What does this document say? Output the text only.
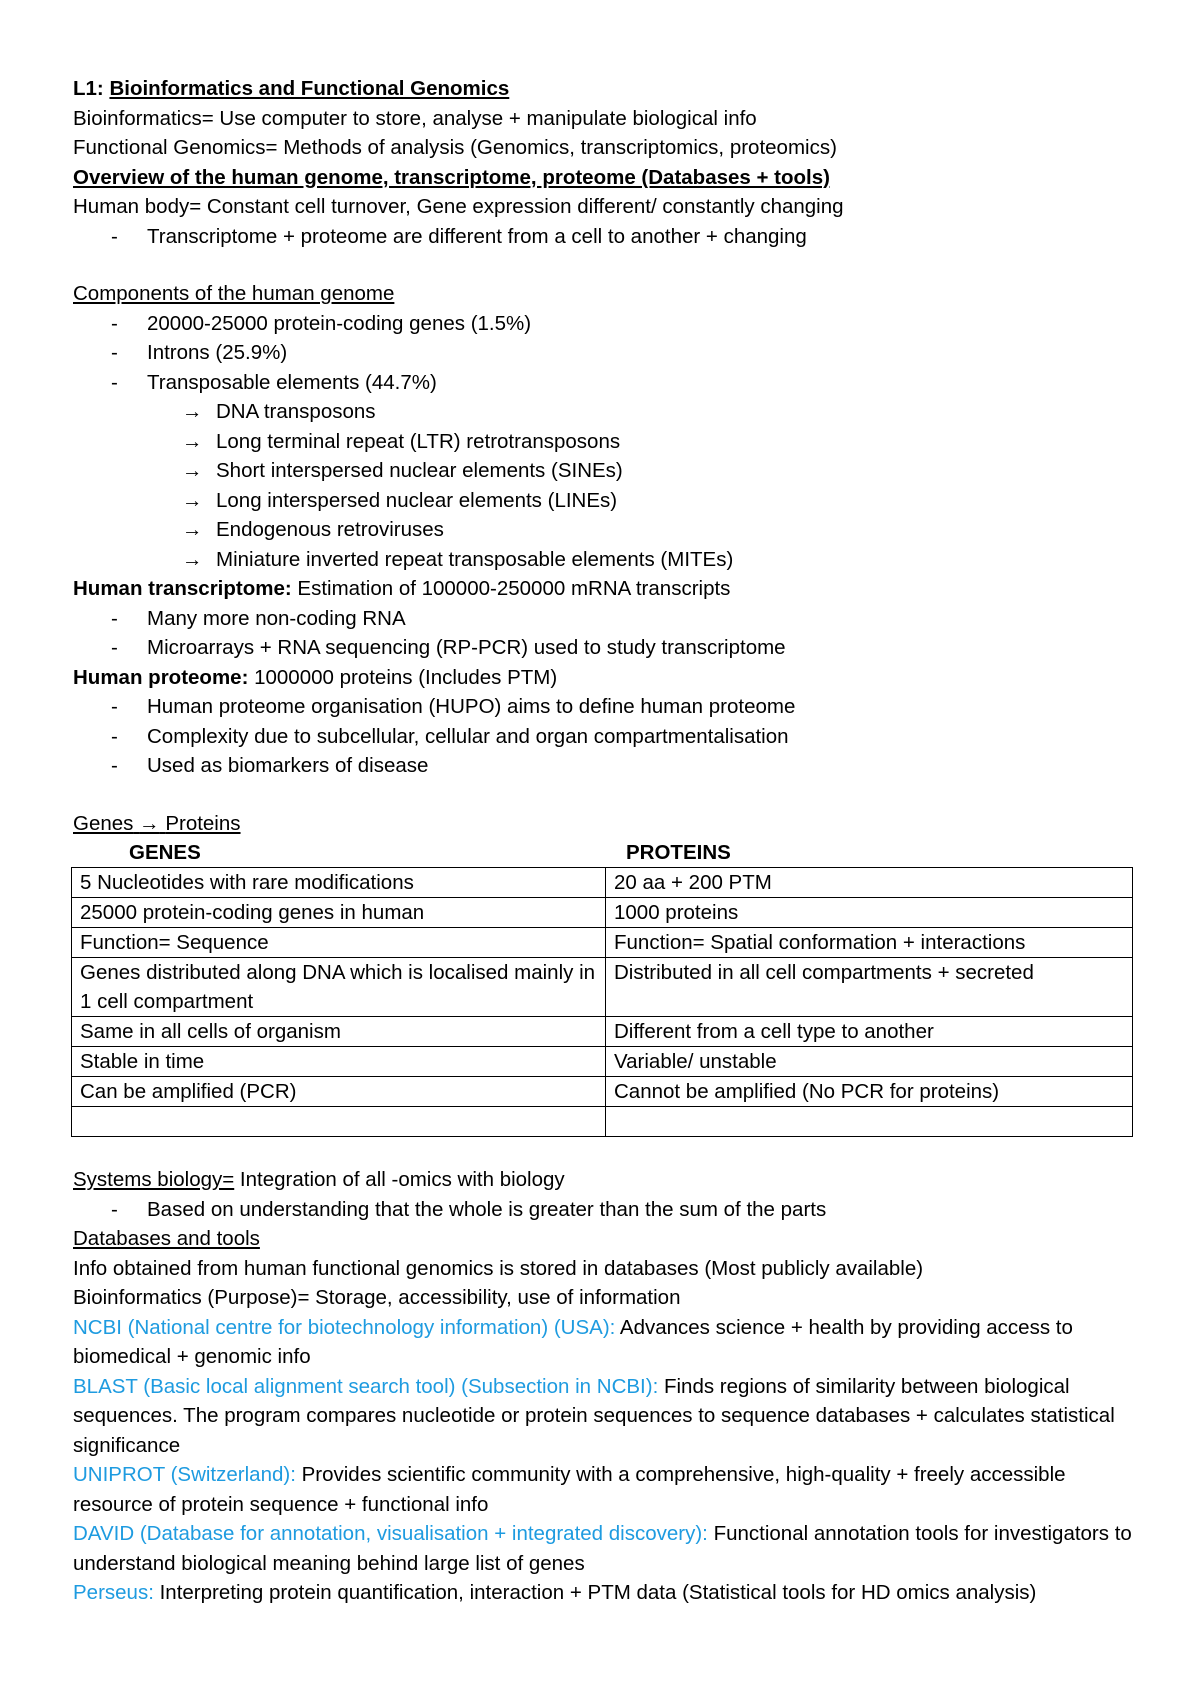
L1: Bioinformatics and Functional Genomics
Bioinformatics= Use computer to store, analyse + manipulate biological info
Functional Genomics= Methods of analysis (Genomics, transcriptomics, proteomics)
Overview of the human genome, transcriptome, proteome (Databases + tools)
Human body= Constant cell turnover, Gene expression different/ constantly changing
- Transcriptome + proteome are different from a cell to another + changing
Components of the human genome
- 20000-25000 protein-coding genes (1.5%)
- Introns (25.9%)
- Transposable elements (44.7%)
→ DNA transposons
→ Long terminal repeat (LTR) retrotransposons
→ Short interspersed nuclear elements (SINEs)
→ Long interspersed nuclear elements (LINEs)
→ Endogenous retroviruses
→ Miniature inverted repeat transposable elements (MITEs)
Human transcriptome: Estimation of 100000-250000 mRNA transcripts
- Many more non-coding RNA
- Microarrays + RNA sequencing (RP-PCR) used to study transcriptome
Human proteome: 1000000 proteins (Includes PTM)
- Human proteome organisation (HUPO) aims to define human proteome
- Complexity due to subcellular, cellular and organ compartmentalisation
- Used as biomarkers of disease
Genes → Proteins
GENES	PROTEINS
5 Nucleotides with rare modifications	20 aa + 200 PTM
25000 protein-coding genes in human	1000 proteins
Function= Sequence	Function= Spatial conformation + interactions
Genes distributed along DNA which is localised mainly in 1 cell compartment	Distributed in all cell compartments + secreted
Same in all cells of organism	Different from a cell type to another
Stable in time	Variable/ unstable
Can be amplified (PCR)	Cannot be amplified (No PCR for proteins)

Systems biology= Integration of all -omics with biology
- Based on understanding that the whole is greater than the sum of the parts
Databases and tools
Info obtained from human functional genomics is stored in databases (Most publicly available)
Bioinformatics (Purpose)= Storage, accessibility, use of information
NCBI (National centre for biotechnology information) (USA): Advances science + health by providing access to biomedical + genomic info
BLAST (Basic local alignment search tool) (Subsection in NCBI): Finds regions of similarity between biological sequences. The program compares nucleotide or protein sequences to sequence databases + calculates statistical significance
UNIPROT (Switzerland): Provides scientific community with a comprehensive, high-quality + freely accessible resource of protein sequence + functional info
DAVID (Database for annotation, visualisation + integrated discovery): Functional annotation tools for investigators to understand biological meaning behind large list of genes
Perseus: Interpreting protein quantification, interaction + PTM data (Statistical tools for HD omics analysis)
